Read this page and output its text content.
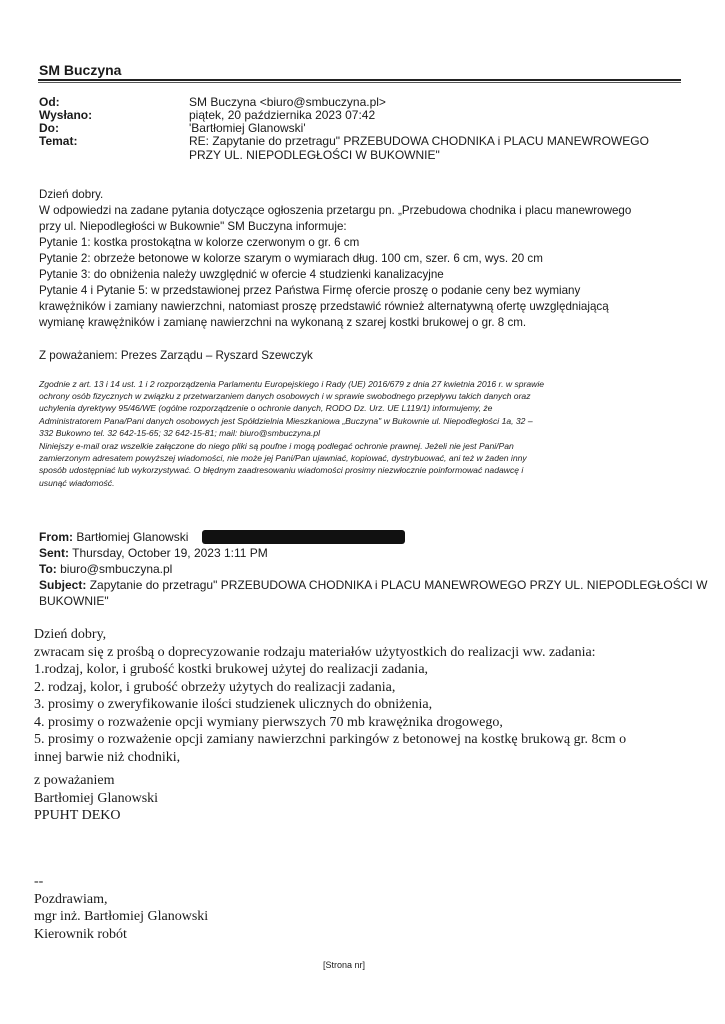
SM Buczyna
Od:	SM Buczyna <biuro@smbuczyna.pl>
Wysłano:	piątek, 20 października 2023 07:42
Do:	'Bartłomiej Glanowski'
Temat:	RE: Zapytanie do przetragu" PRZEBUDOWA CHODNIKA i PLACU MANEWROWEGO
PRZY UL. NIEPODLEGŁOŚCI W BUKOWNIE"
Dzień dobry.
W odpowiedzi na zadane pytania dotyczące ogłoszenia przetargu pn. „Przebudowa chodnika i placu manewrowego
przy ul. Niepodległości w Bukownie" SM Buczyna informuje:
Pytanie 1: kostka prostokątna w kolorze czerwonym o gr. 6 cm
Pytanie 2: obrzeże betonowe w kolorze szarym o wymiarach dług. 100 cm, szer. 6 cm, wys. 20 cm
Pytanie 3: do obniżenia należy uwzględnić w ofercie 4 studzienki kanalizacyjne
Pytanie 4 i Pytanie 5: w przedstawionej przez Państwa Firmę ofercie proszę o podanie ceny bez wymiany
krawężników i zamiany nawierzchni, natomiast proszę przedstawić również alternatywną ofertę uwzględniającą
wymianę krawężników i zamianę nawierzchni na wykonaną z szarej kostki brukowej o gr. 8 cm.
Z poważaniem: Prezes Zarządu – Ryszard Szewczyk
Zgodnie z art. 13 i 14 ust. 1 i 2 rozporządzenia Parlamentu Europejskiego i Rady (UE) 2016/679 z dnia 27 kwietnia 2016 r. w sprawie
ochrony osób fizycznych w związku z przetwarzaniem danych osobowych i w sprawie swobodnego przepływu takich danych oraz
uchylenia dyrektywy 95/46/WE (ogólne rozporządzenie o ochronie danych, RODO Dz. Urz. UE L119/1) informujemy, że
Administratorem Pana/Pani danych osobowych jest Spółdzielnia Mieszkaniowa „Buczyna" w Bukownie ul. Niepodległości 1a, 32 –
332 Bukowno tel. 32 642-15-65; 32 642-15-81; mail: biuro@smbuczyna.pl
Niniejszy e-mail oraz wszelkie załączone do niego pliki są poufne i mogą podlegać ochronie prawnej. Jeżeli nie jest Pani/Pan
zamierzonym adresatem powyższej wiadomości, nie może jej Pani/Pan ujawniać, kopiować, dystrybuować, ani też w żaden inny
sposób udostępniać lub wykorzystywać. O błędnym zaadresowaniu wiadomości prosimy niezwłocznie poinformować nadawcę i
usunąć wiadomość.
From: Bartłomiej Glanowski
Sent: Thursday, October 19, 2023 1:11 PM
To: biuro@smbuczyna.pl
Subject: Zapytanie do przetragu" PRZEBUDOWA CHODNIKA i PLACU MANEWROWEGO PRZY UL. NIEPODLEGŁOŚCI W
BUKOWNIE"
Dzień dobry,
zwracam się z prośbą o doprecyzowanie rodzaju materiałów użytyostkich do realizacji ww. zadania:
1.rodzaj, kolor, i grubość kostki brukowej użytej do realizacji zadania,
2. rodzaj, kolor, i grubość obrzeży użytych do realizacji zadania,
3. prosimy o zweryfikowanie ilości studzienek ulicznych do obniżenia,
4. prosimy o rozważenie opcji wymiany pierwszych 70 mb krawężnika drogowego,
5. prosimy o rozważenie opcji zamiany nawierzchni parkingów z betonowej na kostkę brukową gr. 8cm o
innej barwie niż chodniki,
z poważaniem
Bartłomiej Glanowski
PPUHT DEKO
--
Pozdrawiam,
mgr inż. Bartłomiej Glanowski
Kierownik robót
[Strona nr]
